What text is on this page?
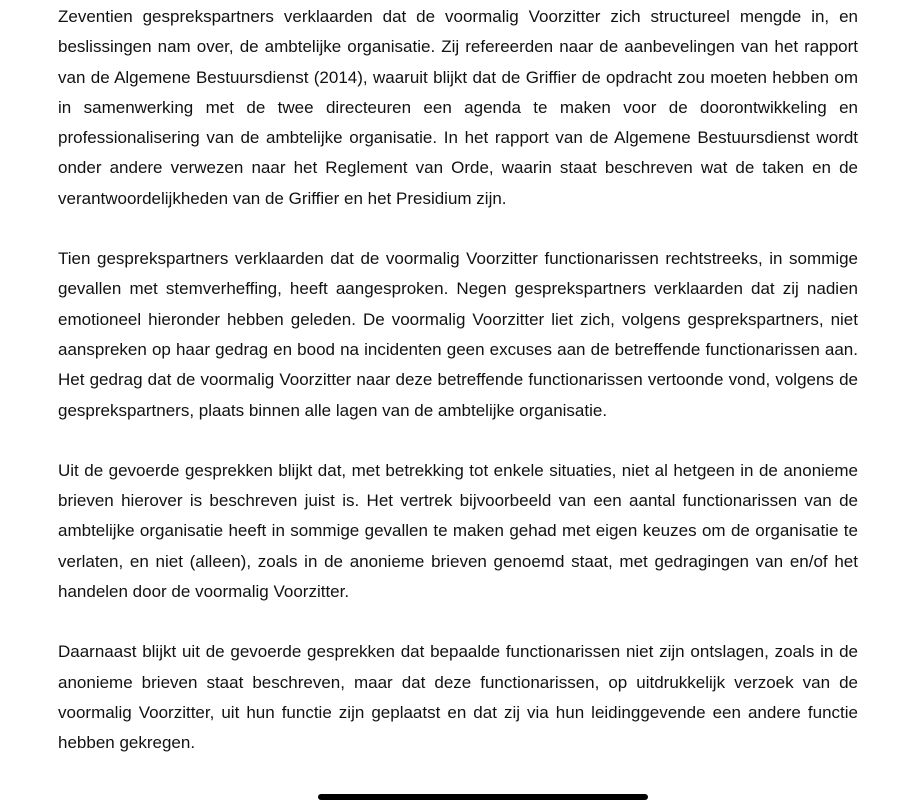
Zeventien gesprekspartners verklaarden dat de voormalig Voorzitter zich structureel mengde in, en beslissingen nam over, de ambtelijke organisatie. Zij refereerden naar de aanbevelingen van het rapport van de Algemene Bestuursdienst (2014), waaruit blijkt dat de Griffier de opdracht zou moeten hebben om in samenwerking met de twee directeuren een agenda te maken voor de doorontwikkeling en professionalisering van de ambtelijke organisatie. In het rapport van de Algemene Bestuursdienst wordt onder andere verwezen naar het Reglement van Orde, waarin staat beschreven wat de taken en de verantwoordelijkheden van de Griffier en het Presidium zijn.

Tien gesprekspartners verklaarden dat de voormalig Voorzitter functionarissen rechtstreeks, in sommige gevallen met stemverheffing, heeft aangesproken. Negen gesprekspartners verklaarden dat zij nadien emotioneel hieronder hebben geleden. De voormalig Voorzitter liet zich, volgens gesprekspartners, niet aanspreken op haar gedrag en bood na incidenten geen excuses aan de betreffende functionarissen aan. Het gedrag dat de voormalig Voorzitter naar deze betreffende functionarissen vertoonde vond, volgens de gesprekspartners, plaats binnen alle lagen van de ambtelijke organisatie.

Uit de gevoerde gesprekken blijkt dat, met betrekking tot enkele situaties, niet al hetgeen in de anonieme brieven hierover is beschreven juist is. Het vertrek bijvoorbeeld van een aantal functionarissen van de ambtelijke organisatie heeft in sommige gevallen te maken gehad met eigen keuzes om de organisatie te verlaten, en niet (alleen), zoals in de anonieme brieven genoemd staat, met gedragingen van en/of het handelen door de voormalig Voorzitter.

Daarnaast blijkt uit de gevoerde gesprekken dat bepaalde functionarissen niet zijn ontslagen, zoals in de anonieme brieven staat beschreven, maar dat deze functionarissen, op uitdrukkelijk verzoek van de voormalig Voorzitter, uit hun functie zijn geplaatst en dat zij via hun leidinggevende een andere functie hebben gekregen.
